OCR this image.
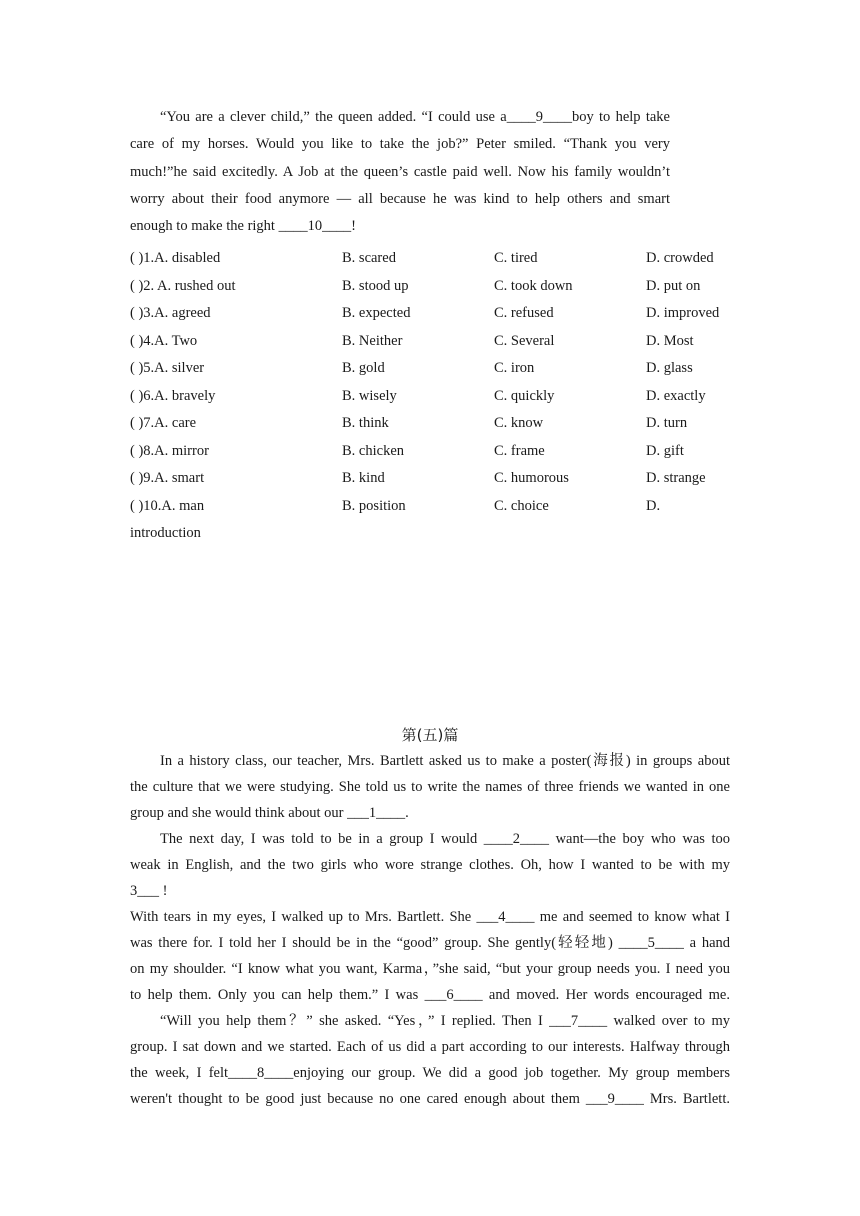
“You are a clever child,” the queen added. “I could use a____9____boy to help take
care of my horses. Would you like to take the job?” Peter smiled. “Thank you very
much!”he said excitedly. A Job at the queen’s castle paid well. Now his family wouldn’t
worry about their food anymore — all because he was kind to help others and smart
enough to make the right ____10____!
( )1.A. disabled	B. scared	C. tired	D. crowded
( )2. A. rushed out	B. stood up	C. took down	D. put on
( )3.A. agreed	B. expected	C. refused	D. improved
( )4.A. Two	B. Neither	C. Several	D. Most
( )5.A. silver	B. gold	C. iron	D. glass
( )6.A. bravely	B. wisely	C. quickly	D. exactly
( )7.A. care	B. think	C. know	D. turn
( )8.A. mirror	B. chicken	C. frame	D. gift
( )9.A. smart	B. kind	C. humorous	D. strange
( )10.A. man	B. position	C. choice	D.
introduction
第(五)篇
In a history class, our teacher, Mrs. Bartlett asked us to make a poster(海报) in groups about
the culture that we were studying. She told us to write the names of three friends we wanted in one
group and she would think about our ___1____.
The next day, I was told to be in a group I would ____2____ want—the boy who was too
weak in English, and the two girls who wore strange clothes. Oh, how I wanted to be with my
3___ !
With tears in my eyes, I walked up to Mrs. Bartlett. She ___4____ me and seemed to know what I
was there for. I told her I should be in the “good” group. She gently(轻轻地) ____5____ a hand
on my shoulder. “I know what you want, Karma，”she said, “but your group needs you. I need you
to help them. Only you can help them.” I was ___6____ and moved. Her words encouraged me.
“Will you help them？” she asked. “Yes，” I replied. Then I ___7____ walked over to my
group. I sat down and we started. Each of us did a part according to our interests. Halfway through
the week, I felt____8____enjoying our group. We did a good job together. My group members
weren't thought to be good just because no one cared enough about them ___9____ Mrs. Bartlett.
